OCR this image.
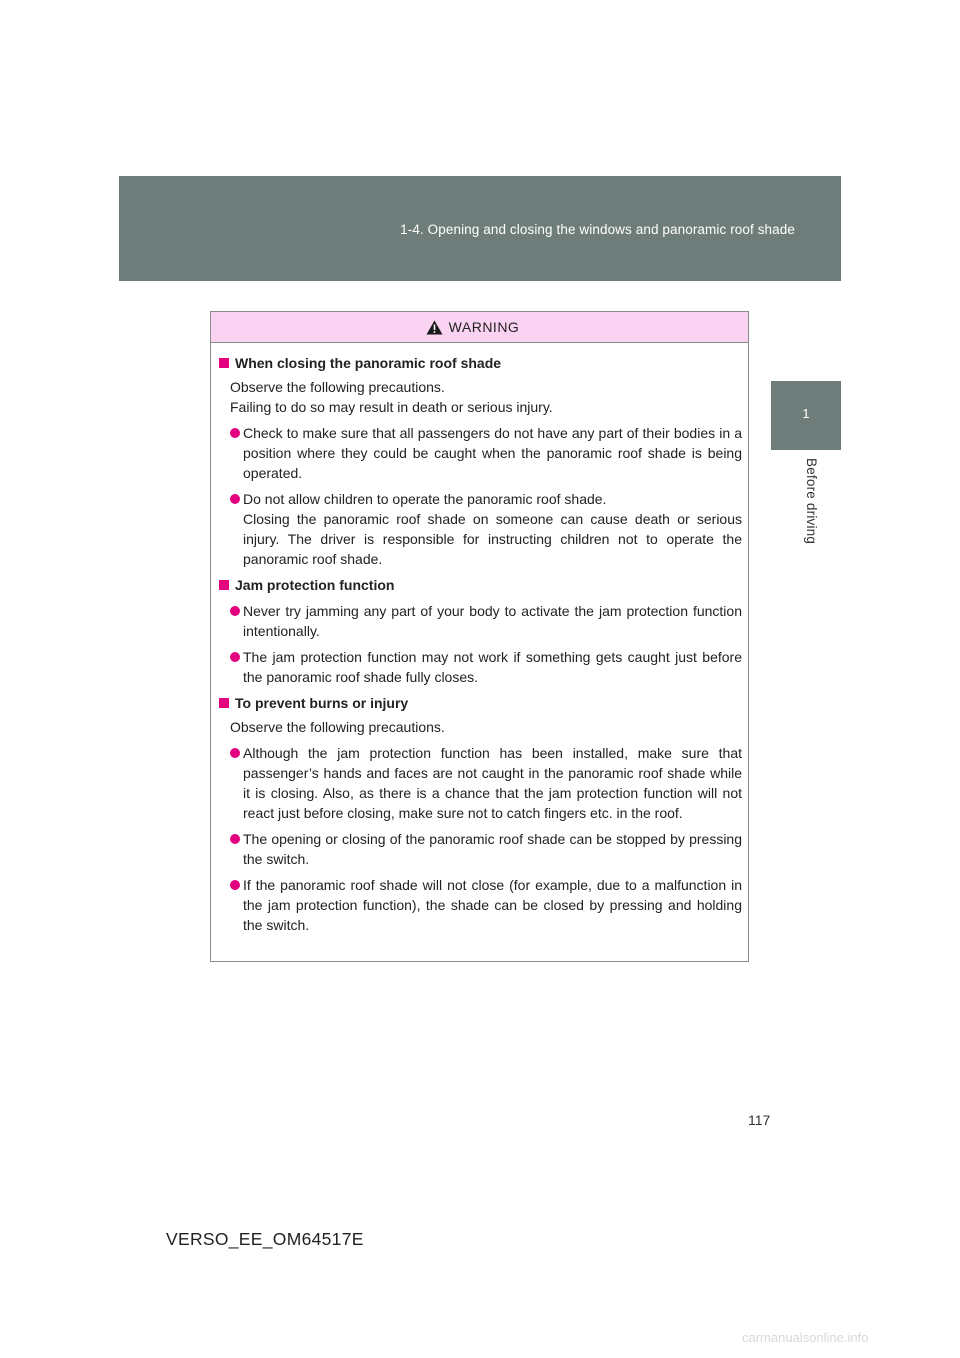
1-4. Opening and closing the windows and panoramic roof shade
1
Before driving
WARNING
When closing the panoramic roof shade
Observe the following precautions.
Failing to do so may result in death or serious injury.
Check to make sure that all passengers do not have any part of their bodies in a position where they could be caught when the panoramic roof shade is being operated.
Do not allow children to operate the panoramic roof shade.
Closing the panoramic roof shade on someone can cause death or serious injury. The driver is responsible for instructing children not to operate the panoramic roof shade.
Jam protection function
Never try jamming any part of your body to activate the jam protection function intentionally.
The jam protection function may not work if something gets caught just before the panoramic roof shade fully closes.
To prevent burns or injury
Observe the following precautions.
Although the jam protection function has been installed, make sure that passenger’s hands and faces are not caught in the panoramic roof shade while it is closing. Also, as there is a chance that the jam protection function will not react just before closing, make sure not to catch fingers etc. in the roof.
The opening or closing of the panoramic roof shade can be stopped by pressing the switch.
If the panoramic roof shade will not close (for example, due to a malfunction in the jam protection function), the shade can be closed by pressing and holding the switch.
117
VERSO_EE_OM64517E
carmanualsonline.info
